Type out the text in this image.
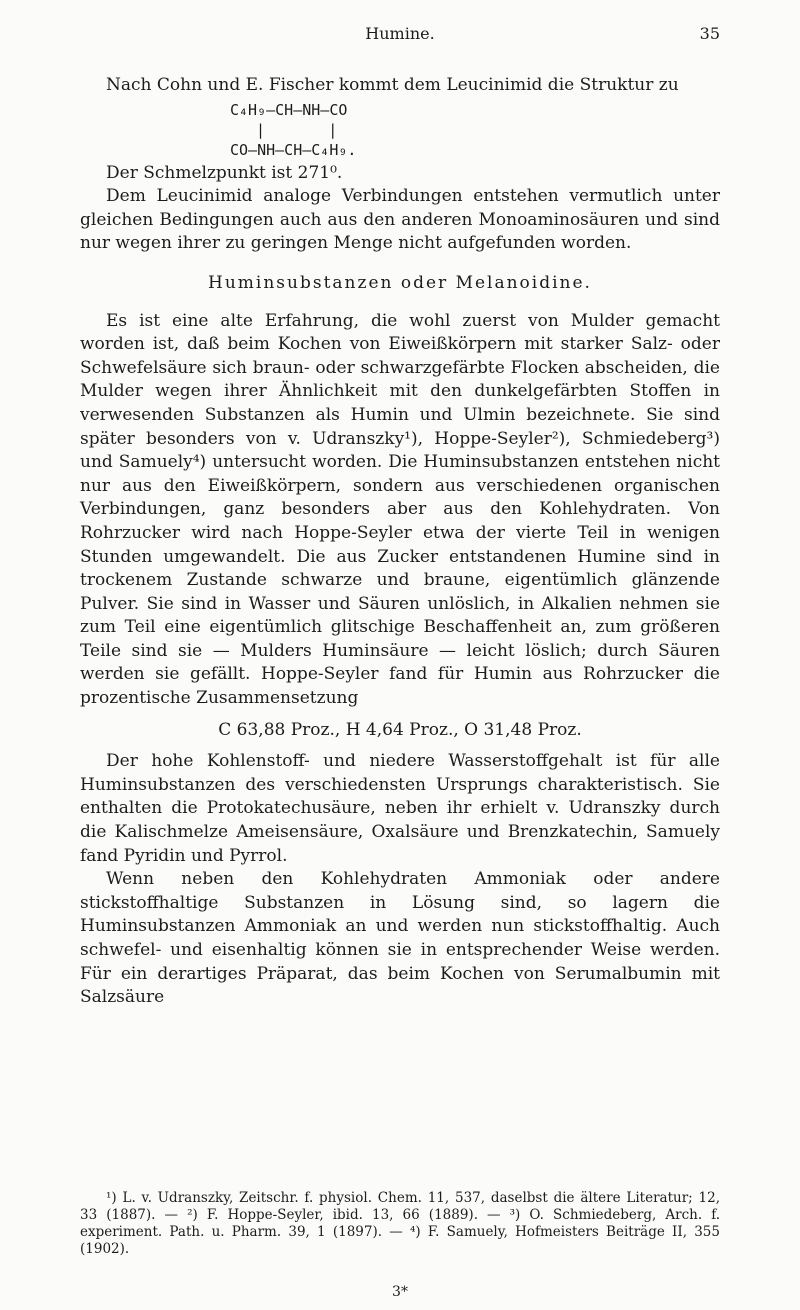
Humine.	35

Nach Cohn und E. Fischer kommt dem Leucinimid die Struktur zu

C₄H₉—CH—NH—CO
|       |
CO—NH—CH—C₄H₉.

Der Schmelzpunkt ist 271⁰.

Dem Leucinimid analoge Verbindungen entstehen vermutlich unter gleichen Bedingungen auch aus den anderen Monoaminosäuren und sind nur wegen ihrer zu geringen Menge nicht aufgefunden worden.

Huminsubstanzen oder Melanoidine.

Es ist eine alte Erfahrung, die wohl zuerst von Mulder gemacht worden ist, daß beim Kochen von Eiweißkörpern mit starker Salz- oder Schwefelsäure sich braun- oder schwarzgefärbte Flocken abscheiden, die Mulder wegen ihrer Ähnlichkeit mit den dunkelgefärbten Stoffen in verwesenden Substanzen als Humin und Ulmin bezeichnete. Sie sind später besonders von v. Udranszky¹), Hoppe-Seyler²), Schmiedeberg³) und Samuely⁴) untersucht worden. Die Huminsubstanzen entstehen nicht nur aus den Eiweißkörpern, sondern aus verschiedenen organischen Verbindungen, ganz besonders aber aus den Kohlehydraten. Von Rohrzucker wird nach Hoppe-Seyler etwa der vierte Teil in wenigen Stunden umgewandelt. Die aus Zucker entstandenen Humine sind in trockenem Zustande schwarze und braune, eigentümlich glänzende Pulver. Sie sind in Wasser und Säuren unlöslich, in Alkalien nehmen sie zum Teil eine eigentümlich glitschige Beschaffenheit an, zum größeren Teile sind sie — Mulders Huminsäure — leicht löslich; durch Säuren werden sie gefällt. Hoppe-Seyler fand für Humin aus Rohrzucker die prozentische Zusammensetzung

C 63,88 Proz., H 4,64 Proz., O 31,48 Proz.

Der hohe Kohlenstoff- und niedere Wasserstoffgehalt ist für alle Huminsubstanzen des verschiedensten Ursprungs charakteristisch. Sie enthalten die Protokatechusäure, neben ihr erhielt v. Udranszky durch die Kalischmelze Ameisensäure, Oxalsäure und Brenzkatechin, Samuely fand Pyridin und Pyrrol.

Wenn neben den Kohlehydraten Ammoniak oder andere stickstoffhaltige Substanzen in Lösung sind, so lagern die Huminsubstanzen Ammoniak an und werden nun stickstoffhaltig. Auch schwefel- und eisenhaltig können sie in entsprechender Weise werden. Für ein derartiges Präparat, das beim Kochen von Serumalbumin mit Salzsäure

¹) L. v. Udranszky, Zeitschr. f. physiol. Chem. 11, 537, daselbst die ältere Literatur; 12, 33 (1887). — ²) F. Hoppe-Seyler, ibid. 13, 66 (1889). — ³) O. Schmiedeberg, Arch. f. experiment. Path. u. Pharm. 39, 1 (1897). — ⁴) F. Samuely, Hofmeisters Beiträge II, 355 (1902).

3*
